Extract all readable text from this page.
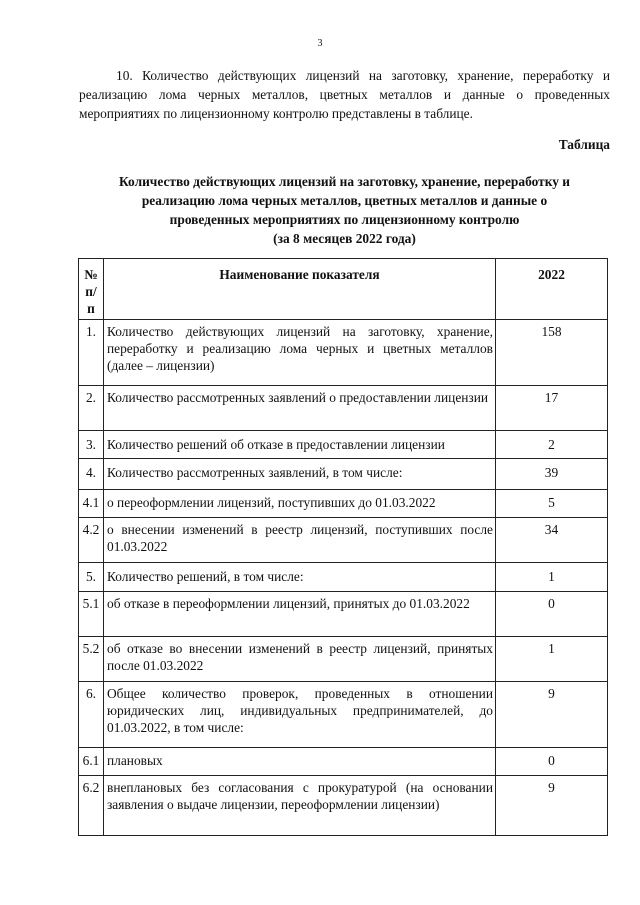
3

10. Количество действующих лицензий на заготовку, хранение, переработку и реализацию лома черных металлов, цветных металлов и данные о проведенных мероприятиях по лицензионному контролю представлены в таблице.

Таблица
Количество действующих лицензий на заготовку, хранение, переработку и
реализацию лома черных металлов, цветных металлов и данные о
проведенных мероприятиях по лицензионному контролю
(за 8 месяцев 2022 года)
№
п/
п	Наименование показателя	2022
1.	Количество действующих лицензий на заготовку, хранение, переработку и реализацию лома черных и цветных металлов (далее – лицензии)	158
2.	Количество рассмотренных заявлений о предоставлении лицензии	17
3.	Количество решений об отказе в предоставлении лицензии	2
4.	Количество рассмотренных заявлений, в том числе:	39
4.1	о переоформлении лицензий, поступивших до 01.03.2022	5
4.2	о внесении изменений в реестр лицензий, поступивших после 01.03.2022	34
5.	Количество решений, в том числе:	1
5.1	об отказе в переоформлении лицензий, принятых до 01.03.2022	0
5.2	об отказе во внесении изменений в реестр лицензий, принятых после 01.03.2022	1
6.	Общее количество проверок, проведенных в отношении юридических лиц, индивидуальных предпринимателей, до 01.03.2022, в том числе:	9
6.1	плановых	0
6.2	внеплановых без согласования с прокуратурой (на основании заявления о выдаче лицензии, переоформлении лицензии)	9
